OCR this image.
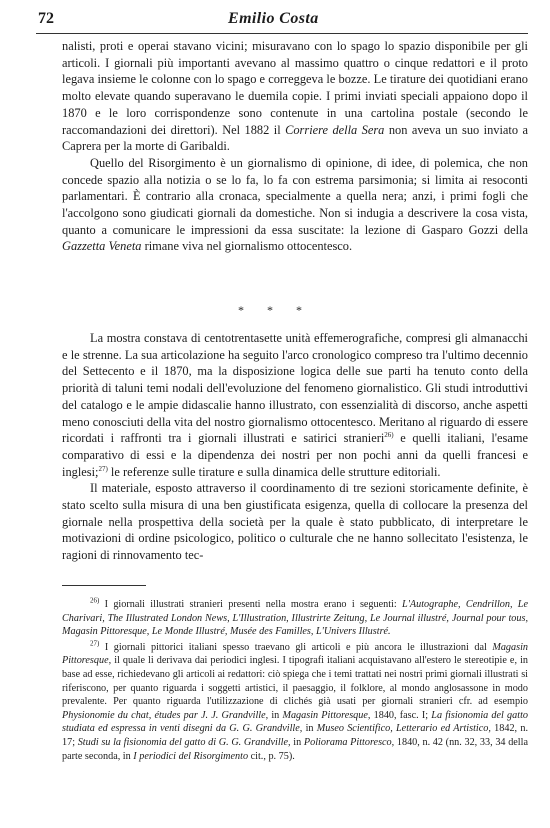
72	Emilio Costa

nalisti, proti e operai stavano vicini; misuravano con lo spago lo spazio disponibile per gli articoli. I giornali più importanti avevano al massimo quattro o cinque redattori e il proto legava insieme le colonne con lo spago e correggeva le bozze. Le tirature dei quotidiani erano molto elevate quando superavano le duemila copie. I primi inviati speciali appaiono dopo il 1870 e le loro corrispondenze sono contenute in una cartolina postale (secondo le raccomandazioni dei direttori). Nel 1882 il Corriere della Sera non aveva un suo inviato a Caprera per la morte di Garibaldi.

Quello del Risorgimento è un giornalismo di opinione, di idee, di polemica, che non concede spazio alla notizia o se lo fa, lo fa con estrema parsimonia; si limita ai resoconti parlamentari. È contrario alla cronaca, specialmente a quella nera; anzi, i primi fogli che l'accolgono sono giudicati giornali da domestiche. Non si indugia a descrivere la cosa vista, quanto a comunicare le impressioni da essa suscitate: la lezione di Gasparo Gozzi della Gazzetta Veneta rimane viva nel giornalismo ottocentesco.

* * *

La mostra constava di centotrentasette unità effemerografiche, compresi gli almanacchi e le strenne. La sua articolazione ha seguito l'arco cronologico compreso tra l'ultimo decennio del Settecento e il 1870, ma la disposizione logica delle sue parti ha tenuto conto della priorità di taluni temi nodali dell'evoluzione del fenomeno giornalistico. Gli studi introduttivi del catalogo e le ampie didascalie hanno illustrato, con essenzialità di discorso, anche aspetti meno conosciuti della vita del nostro giornalismo ottocentesco. Meritano al riguardo di essere ricordati i raffronti tra i giornali illustrati e satirici stranieri$^{26)}$ e quelli italiani, l'esame comparativo di essi e la dipendenza dei nostri per non pochi anni da quelli francesi e inglesi;$^{27)}$ le referenze sulle tirature e sulla dinamica delle strutture editoriali.

Il materiale, esposto attraverso il coordinamento di tre sezioni storicamente definite, è stato scelto sulla misura di una ben giustificata esigenza, quella di collocare la presenza del giornale nella prospettiva della società per la quale è stato pubblicato, di interpretare le motivazioni di ordine psicologico, politico o culturale che ne hanno sollecitato l'esistenza, le ragioni di rinnovamento tec-

$^{26)}$ I giornali illustrati stranieri presenti nella mostra erano i seguenti: L'Autographe, Cendrillon, Le Charivari, The Illustrated London News, L'Illustration, Illustrirte Zeitung, Le Journal illustré, Journal pour tous, Magasin Pittoresque, Le Monde Illustré, Musée des Familles, L'Univers Illustré.

$^{27)}$ I giornali pittorici italiani spesso traevano gli articoli e più ancora le illustrazioni dal Magasin Pittoresque, il quale li derivava dai periodici inglesi. I tipografi italiani acquistavano all'estero le stereotipie e, in base ad esse, richiedevano gli articoli ai redattori: ciò spiega che i temi trattati nei nostri primi giornali illustrati si riferiscono, per quanto riguarda i soggetti artistici, il paesaggio, il folklore, al mondo anglosassone in modo prevalente. Per quanto riguarda l'utilizzazione di clichés già usati per giornali stranieri cfr. ad esempio Physionomie du chat, études par J. J. Grandville, in Magasin Pittoresque, 1840, fasc. I; La fisionomia del gatto studiata ed espressa in venti disegni da G. G. Grandville, in Museo Scientifico, Letterario ed Artistico, 1842, n. 17; Studi su la fisionomia del gatto di G. G. Grandville, in Poliorama Pittoresco, 1840, n. 42 (nn. 32, 33, 34 della parte seconda, in I periodici del Risorgimento cit., p. 75).
